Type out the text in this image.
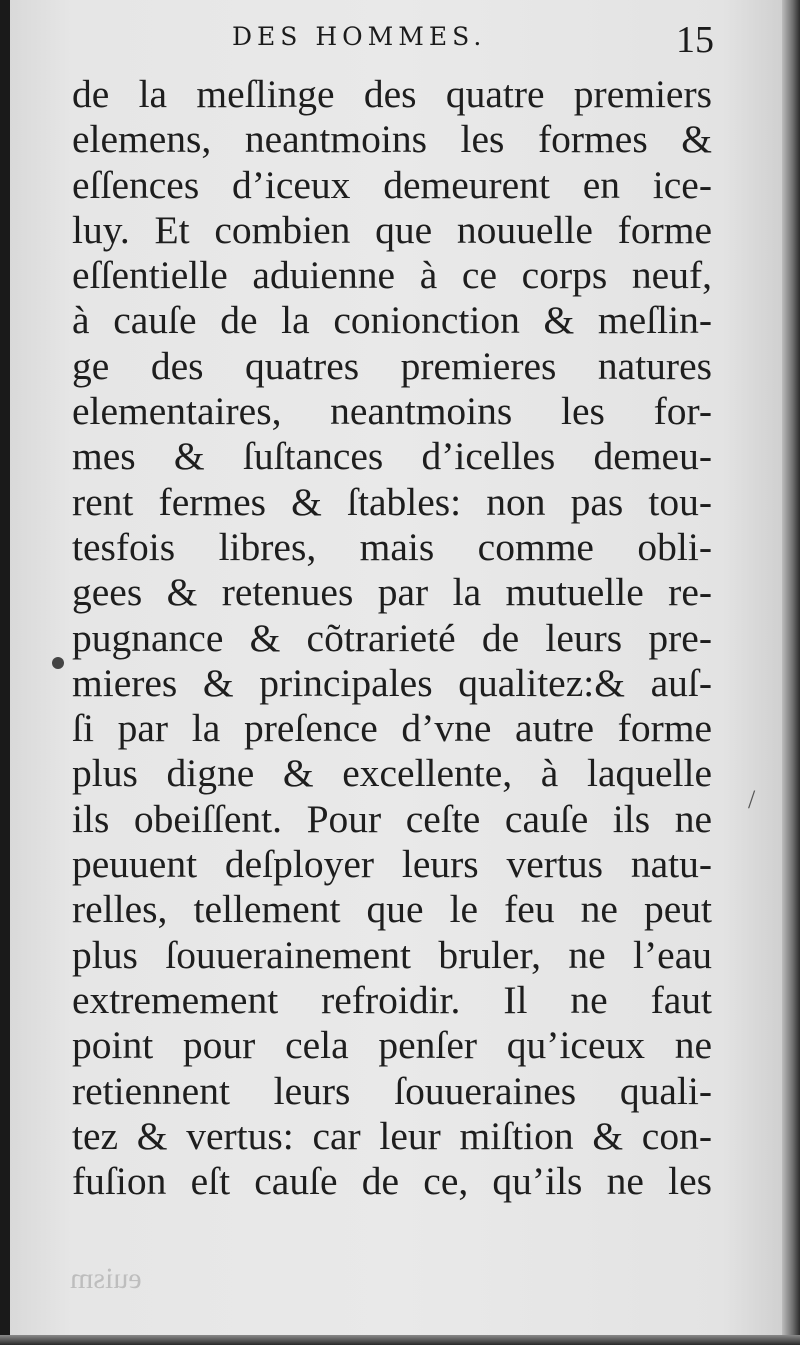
DES HOMMES.	15
de la meſlinge des quatre premiers
elemens, neantmoins les formes &
eſſences d’iceux demeurent en ice-
luy. Et combien que nouuelle forme
eſſentielle aduienne à ce corps neuf,
à cauſe de la conionction & meſlin-
ge des quatres premieres natures
elementaires, neantmoins les for-
mes & ſuſtances d’icelles demeu-
rent fermes & ſtables: non pas tou-
tesfois libres, mais comme obli-
gees & retenues par la mutuelle re-
pugnance & cõtrarieté de leurs pre-
mieres & principales qualitez:& auſ-
ſi par la preſence d’vne autre forme
plus digne & excellente, à laquelle
ils obeiſſent. Pour ceſte cauſe ils ne
peuuent deſployer leurs vertus natu-
relles, tellement que le feu ne peut
plus ſouuerainement bruler, ne l’eau
extremement refroidir. Il ne faut
point pour cela penſer qu’iceux ne
retiennent leurs ſouueraines quali-
tez & vertus: car leur miſtion & con-
fuſion eſt cauſe de ce, qu’ils ne les
euism
/
